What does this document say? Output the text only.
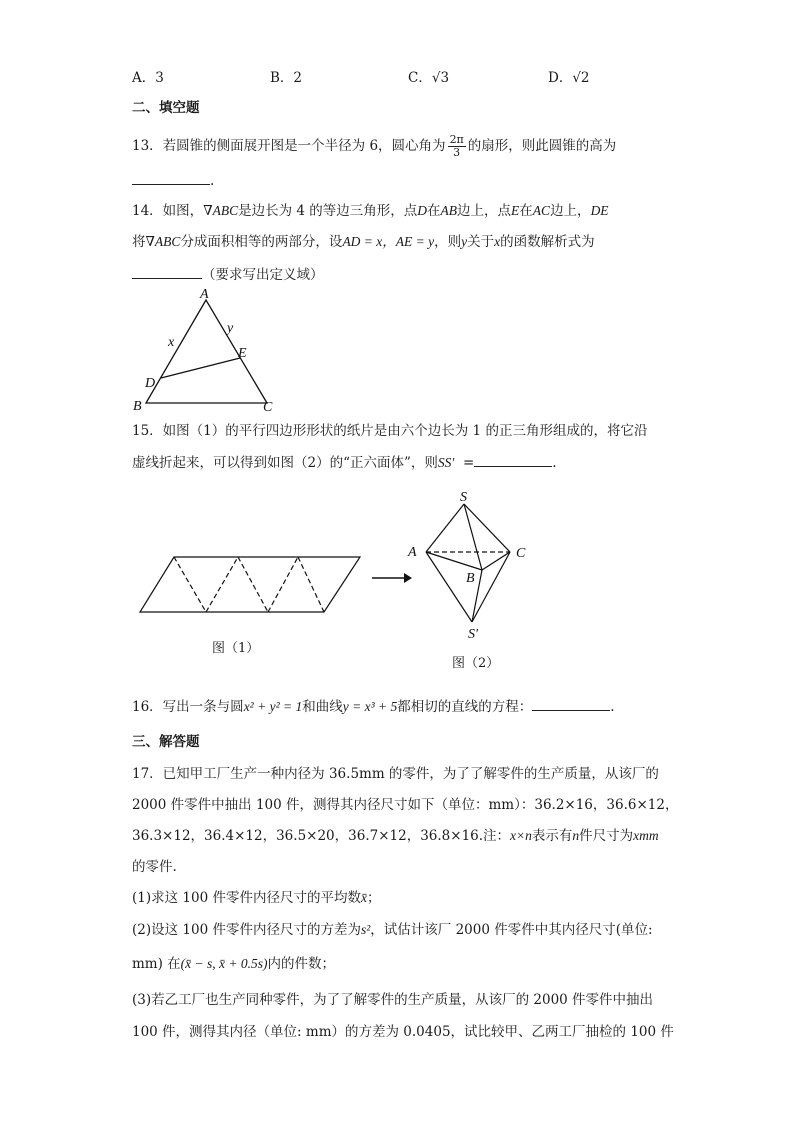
A．3	B．2	C．√3	D．√2
二、填空题
13．若圆锥的侧面展开图是一个半径为 6，圆心角为 $\frac{2\pi}{3}$ 的扇形，则此圆锥的高为
.
14．如图，∇ABC是边长为 4 的等边三角形，点D在AB边上，点E在AC边上，DE
将∇ABC分成面积相等的两部分，设AD = x，AE = y，则y关于x的函数解析式为
（要求写出定义域）
A
B	C
D
E
x
y
15．如图（1）的平行四边形形状的纸片是由六个边长为 1 的正三角形组成的，将它沿
虚线折起来，可以得到如图（2）的“正六面体”，则SS′ =	.
图（1）
S
A	C
B
S′
图（2）
16．写出一条与圆x² + y² = 1和曲线y = x³ + 5都相切的直线的方程：	.
三、解答题
17．已知甲工厂生产一种内径为 36.5mm 的零件，为了了解零件的生产质量，从该厂的
2000 件零件中抽出 100 件，测得其内径尺寸如下（单位：mm）：36.2×16，36.6×12，
36.3×12，36.4×12，36.5×20，36.7×12，36.8×16.注：x×n表示有n件尺寸为xmm
的零件.
(1)求这 100 件零件内径尺寸的平均数x̄；
(2)设这 100 件零件内径尺寸的方差为s²，试估计该厂 2000 件零件中其内径尺寸(单位:
mm) 在(x̄ − s, x̄ + 0.5s)内的件数；
(3)若乙工厂也生产同种零件，为了了解零件的生产质量，从该厂的 2000 件零件中抽出
100 件，测得其内径（单位: mm）的方差为 0.0405，试比较甲、乙两工厂抽检的 100 件
